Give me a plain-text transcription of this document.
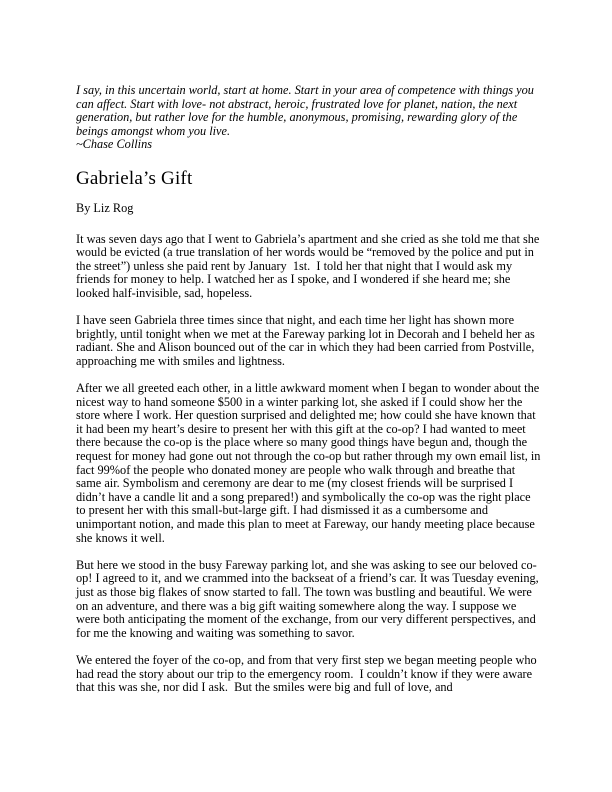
I say, in this uncertain world, start at home. Start in your area of competence with things you can affect. Start with love- not abstract, heroic, frustrated love for planet, nation, the next generation, but rather love for the humble, anonymous, promising, rewarding glory of the beings amongst whom you live.

~Chase Collins

Gabriela’s Gift

By Liz Rog

It was seven days ago that I went to Gabriela’s apartment and she cried as she told me that she would be evicted (a true translation of her words would be “removed by the police and put in the street”) unless she paid rent by January  1st.  I told her that night that I would ask my friends for money to help. I watched her as I spoke, and I wondered if she heard me; she looked half-invisible, sad, hopeless.

I have seen Gabriela three times since that night, and each time her light has shown more brightly, until tonight when we met at the Fareway parking lot in Decorah and I beheld her as radiant. She and Alison bounced out of the car in which they had been carried from Postville, approaching me with smiles and lightness.

After we all greeted each other, in a little awkward moment when I began to wonder about the nicest way to hand someone $500 in a winter parking lot, she asked if I could show her the store where I work. Her question surprised and delighted me; how could she have known that it had been my heart’s desire to present her with this gift at the co-op? I had wanted to meet there because the co-op is the place where so many good things have begun and, though the request for money had gone out not through the co-op but rather through my own email list, in fact 99%of the people who donated money are people who walk through and breathe that same air. Symbolism and ceremony are dear to me (my closest friends will be surprised I didn’t have a candle lit and a song prepared!) and symbolically the co-op was the right place to present her with this small-but-large gift. I had dismissed it as a cumbersome and unimportant notion, and made this plan to meet at Fareway, our handy meeting place because she knows it well.

But here we stood in the busy Fareway parking lot, and she was asking to see our beloved co-op! I agreed to it, and we crammed into the backseat of a friend’s car. It was Tuesday evening, just as those big flakes of snow started to fall. The town was bustling and beautiful. We were on an adventure, and there was a big gift waiting somewhere along the way. I suppose we were both anticipating the moment of the exchange, from our very different perspectives, and for me the knowing and waiting was something to savor.

We entered the foyer of the co-op, and from that very first step we began meeting people who had read the story about our trip to the emergency room.  I couldn’t know if they were aware that this was she, nor did I ask.  But the smiles were big and full of love, and
